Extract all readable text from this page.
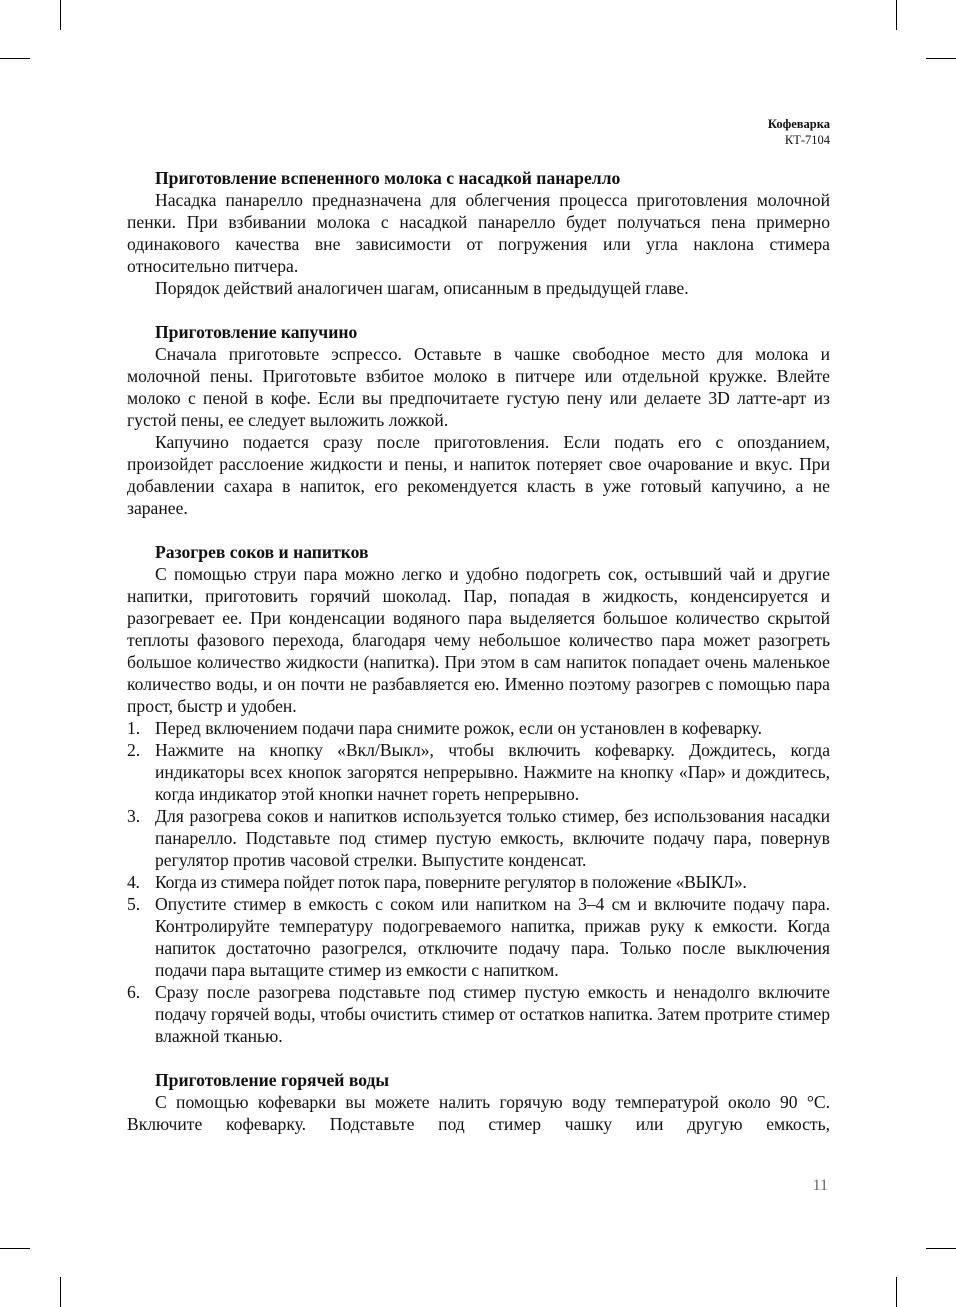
Кофеварка
КТ-7104
Приготовление вспененного молока с насадкой панарелло

Насадка панарелло предназначена для облегчения процесса приготовления молочной пенки. При взбивании молока с насадкой панарелло будет получаться пена примерно одинакового качества вне зависимости от погружения или угла наклона стимера относительно питчера.

Порядок действий аналогичен шагам, описанным в предыдущей главе.

Приготовление капучино

Сначала приготовьте эспрессо. Оставьте в чашке свободное место для молока и молочной пены. Приготовьте взбитое молоко в питчере или отдельной кружке. Влейте молоко с пеной в кофе. Если вы предпочитаете густую пену или делаете 3D латте-арт из густой пены, ее следует выложить ложкой.

Капучино подается сразу после приготовления. Если подать его с опозданием, произойдет расслоение жидкости и пены, и напиток потеряет свое очарование и вкус. При добавлении сахара в напиток, его рекомендуется класть в уже готовый капучино, а не заранее.

Разогрев соков и напитков

С помощью струи пара можно легко и удобно подогреть сок, остывший чай и другие напитки, приготовить горячий шоколад. Пар, попадая в жидкость, конденсируется и разогревает ее. При конденсации водяного пара выделяется большое количество скрытой теплоты фазового перехода, благодаря чему небольшое количество пара может разогреть большое количество жидкости (напитка). При этом в сам напиток попадает очень маленькое количество воды, и он почти не разбавляется ею. Именно поэтому разогрев с помощью пара прост, быстр и удобен.

1. Перед включением подачи пара снимите рожок, если он установлен в кофеварку.
2. Нажмите на кнопку «Вкл/Выкл», чтобы включить кофеварку. Дождитесь, когда индикаторы всех кнопок загорятся непрерывно. Нажмите на кнопку «Пар» и дождитесь, когда индикатор этой кнопки начнет гореть непрерывно.
3. Для разогрева соков и напитков используется только стимер, без использования насадки панарелло. Подставьте под стимер пустую емкость, включите подачу пара, повернув регулятор против часовой стрелки. Выпустите конденсат.
4. Когда из стимера пойдет поток пара, поверните регулятор в положение «ВЫКЛ».
5. Опустите стимер в емкость с соком или напитком на 3–4 см и включите подачу пара. Контролируйте температуру подогреваемого напитка, прижав руку к емкости. Когда напиток достаточно разогрелся, отключите подачу пара. Только после выключения подачи пара вытащите стимер из емкости с напитком.
6. Сразу после разогрева подставьте под стимер пустую емкость и ненадолго включите подачу горячей воды, чтобы очистить стимер от остатков напитка. Затем протрите стимер влажной тканью.
Приготовление горячей воды

С помощью кофеварки вы можете налить горячую воду температурой около 90 °C. Включите кофеварку. Подставьте под стимер чашку или другую емкость,

11
